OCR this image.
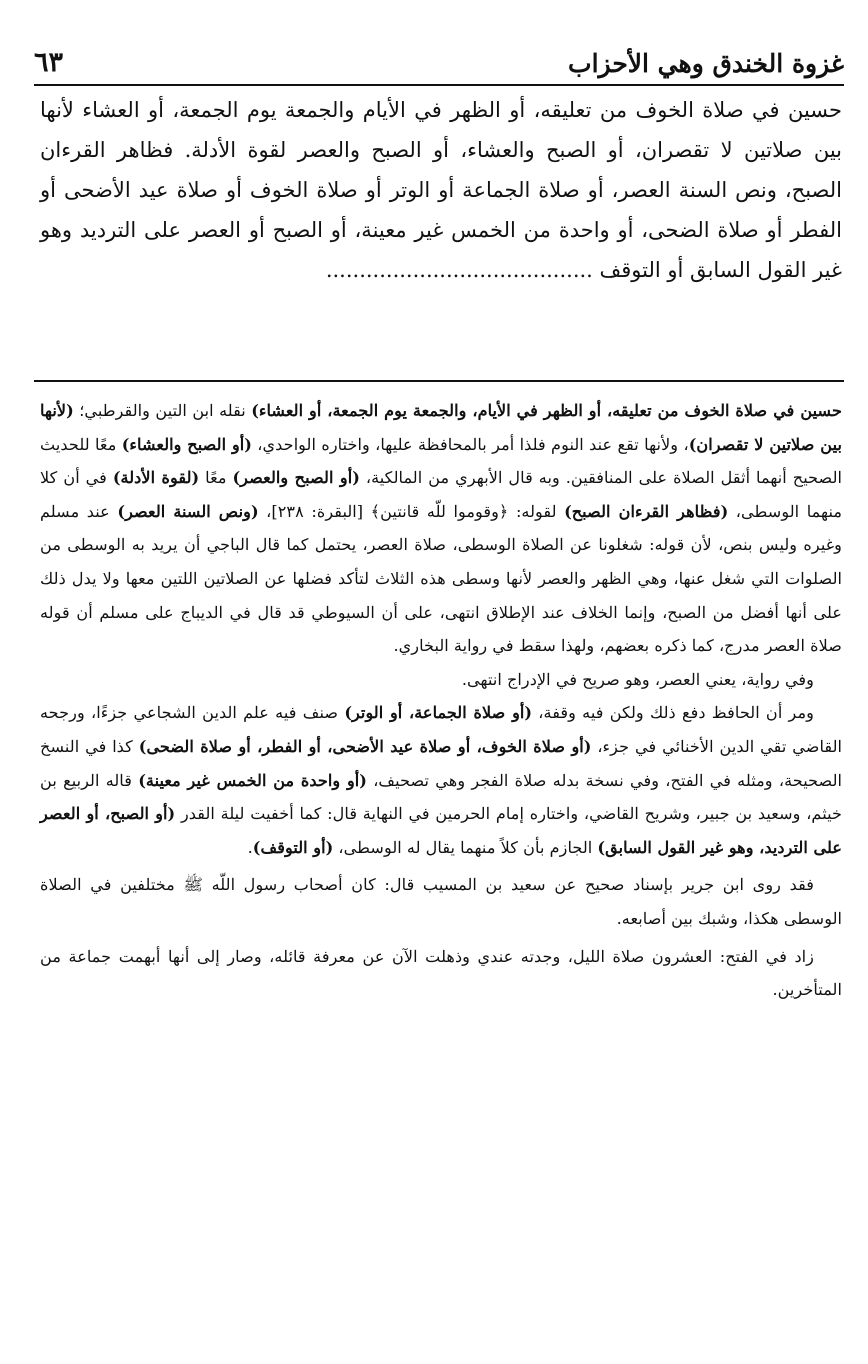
غزوة الخندق وهي الأحزاب
٦٣
حسين في صلاة الخوف من تعليقه، أو الظهر في الأيام والجمعة يوم الجمعة، أو العشاء لأنها بين صلاتين لا تقصران، أو الصبح والعشاء، أو الصبح والعصر لقوة الأدلة. فظاهر القرءان الصبح، ونص السنة العصر، أو صلاة الجماعة أو الوتر أو صلاة الخوف أو صلاة عيد الأضحى أو الفطر أو صلاة الضحى، أو واحدة من الخمس غير معينة، أو الصبح أو العصر على الترديد وهو غير القول السابق أو التوقف ........................................

حسين في صلاة الخوف من تعليقه، أو الظهر في الأيام، والجمعة يوم الجمعة، أو العشاء) نقله ابن التين والقرطبي؛ (لأنها بين صلاتين لا تقصران)، ولأنها تقع عند النوم فلذا أمر بالمحافظة عليها، واختاره الواحدي، (أو الصبح والعشاء) معًا للحديث الصحيح أنهما أثقل الصلاة على المنافقين. وبه قال الأبهري من المالكية، (أو الصبح والعصر) معًا (لقوة الأدلة) في أن كلا منهما الوسطى، (فظاهر القرءان الصبح) لقوله: ﴿وقوموا للّه قانتين﴾ [البقرة: ٢٣٨]، (ونص السنة العصر) عند مسلم وغيره وليس بنص، لأن قوله: شغلونا عن الصلاة الوسطى، صلاة العصر، يحتمل كما قال الباجي أن يريد به الوسطى من الصلوات التي شغل عنها، وهي الظهر والعصر لأنها وسطى هذه الثلاث لتأكد فضلها عن الصلاتين اللتين معها ولا يدل ذلك على أنها أفضل من الصبح، وإنما الخلاف عند الإطلاق انتهى، على أن السيوطي قد قال في الديباج على مسلم أن قوله صلاة العصر مدرج، كما ذكره بعضهم، ولهذا سقط في رواية البخاري.

وفي رواية، يعني العصر، وهو صريح في الإدراج انتهى.

ومر أن الحافظ دفع ذلك ولكن فيه وقفة، (أو صلاة الجماعة، أو الوتر) صنف فيه علم الدين الشجاعي جزءًا، ورجحه القاضي تقي الدين الأخنائي في جزء، (أو صلاة الخوف، أو صلاة عيد الأضحى، أو الفطر، أو صلاة الضحى) كذا في النسخ الصحيحة، ومثله في الفتح، وفي نسخة بدله صلاة الفجر وهي تصحيف، (أو واحدة من الخمس غير معينة) قاله الربيع بن خيثم، وسعيد بن جبير، وشريح القاضي، واختاره إمام الحرمين في النهاية قال: كما أخفيت ليلة القدر (أو الصبح، أو العصر على الترديد، وهو غير القول السابق) الجازم بأن كلاً منهما يقال له الوسطى، (أو التوقف).

فقد روى ابن جرير بإسناد صحيح عن سعيد بن المسيب قال: كان أصحاب رسول اللّه ﷺ مختلفين في الصلاة الوسطى هكذا، وشبك بين أصابعه.

زاد في الفتح: العشرون صلاة الليل، وجدته عندي وذهلت الآن عن معرفة قائله، وصار إلى أنها أبهمت جماعة من المتأخرين.
